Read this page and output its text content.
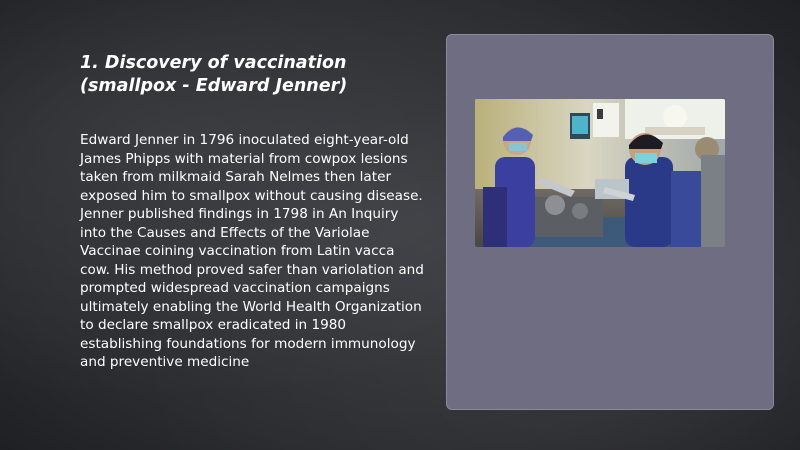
1. Discovery of vaccination (smallpox - Edward Jenner)

Edward Jenner in 1796 inoculated eight-year-old James Phipps with material from cowpox lesions taken from milkmaid Sarah Nelmes then later exposed him to smallpox without causing disease. Jenner published findings in 1798 in An Inquiry into the Causes and Effects of the Variolae Vaccinae coining vaccination from Latin vacca cow. His method proved safer than variolation and prompted widespread vaccination campaigns ultimately enabling the World Health Organization to declare smallpox eradicated in 1980 establishing foundations for modern immunology and preventive medicine
